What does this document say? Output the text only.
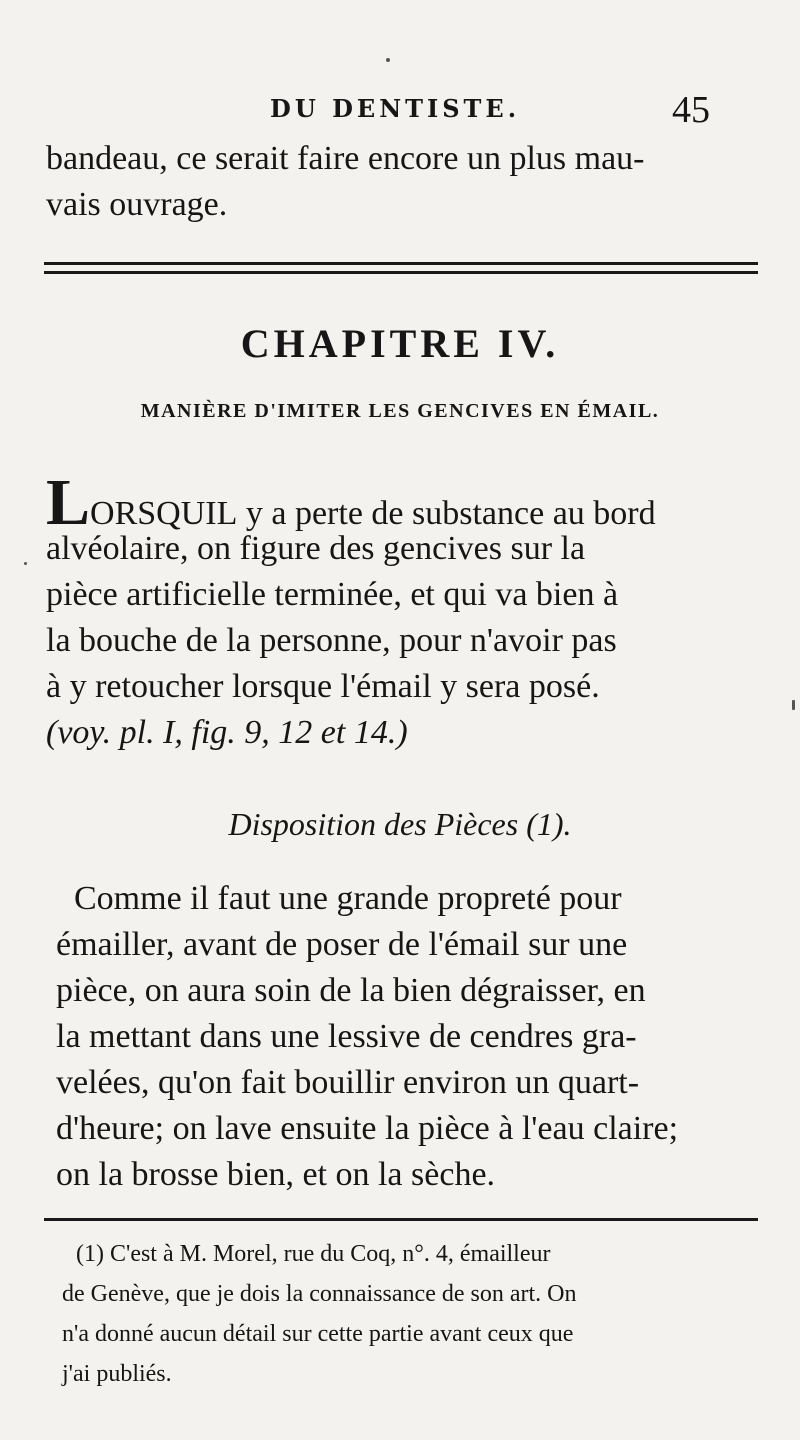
DU DENTISTE.	45
bandeau, ce serait faire encore un plus mau-
vais ouvrage.
CHAPITRE IV.
MANIÈRE D'IMITER LES GENCIVES EN ÉMAIL.
LORSQUIL y a perte de substance au bord
alvéolaire, on figure des gencives sur la
pièce artificielle terminée, et qui va bien à
la bouche de la personne, pour n'avoir pas
à y retoucher lorsque l'émail y sera posé.
(voy. pl. I, fig. 9, 12 et 14.)
Disposition des Pièces (1).
Comme il faut une grande propreté pour
émailler, avant de poser de l'émail sur une
pièce, on aura soin de la bien dégraisser, en
la mettant dans une lessive de cendres gra-
velées, qu'on fait bouillir environ un quart-
d'heure; on lave ensuite la pièce à l'eau claire;
on la brosse bien, et on la sèche.
(1) C'est à M. Morel, rue du Coq, n°. 4, émailleur
de Genève, que je dois la connaissance de son art. On
n'a donné aucun détail sur cette partie avant ceux que
j'ai publiés.
